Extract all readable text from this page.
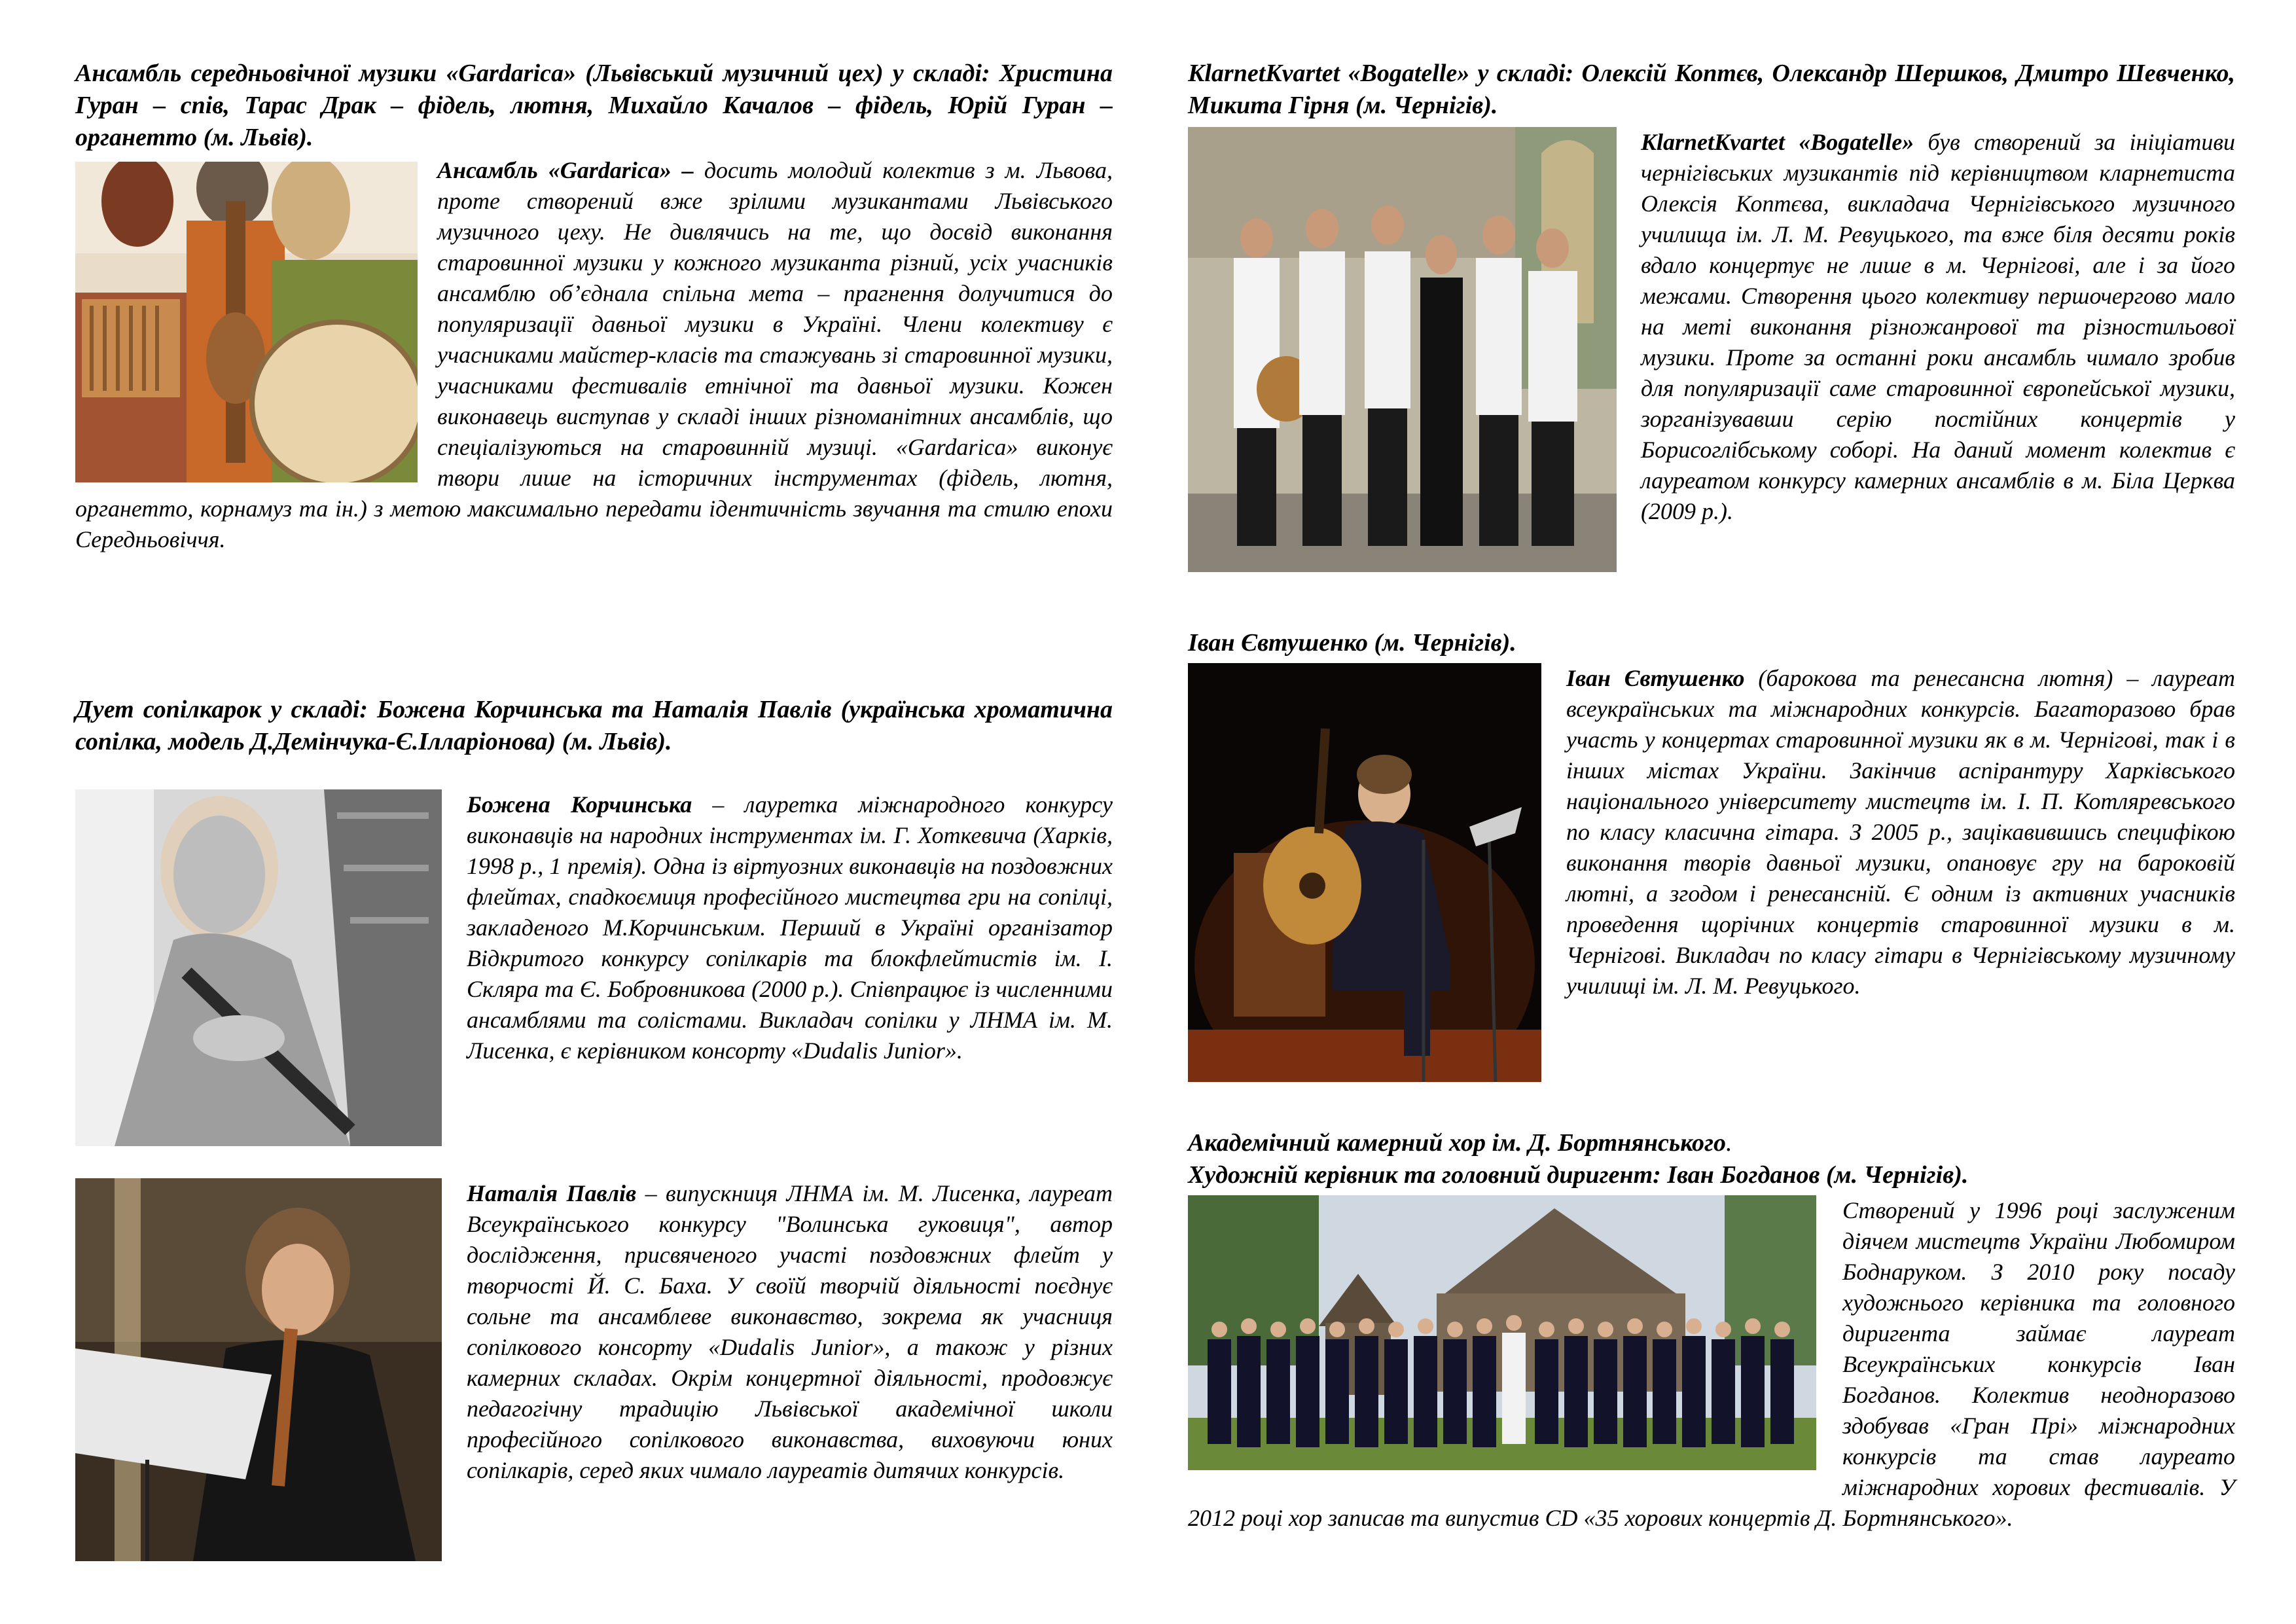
Ансамбль середньовічної музики «Gardarica» (Львівський музичний цех) у складі: Христина Гуран – спів, Тарас Драк – фідель, лютня, Михайло Качалов – фідель, Юрій Гуран – органетто (м. Львів).

Ансамбль «Gardarica» – досить молодий колектив з м. Львова, проте створений вже зрілими музикантами Львівського музичного цеху. Не дивлячись на те, що досвід виконання старовинної музики у кожного музиканта різний, усіх учасників ансамблю об’єднала спільна мета – прагнення долучитися до популяризації давньої музики в Україні. Члени колективу є учасниками майстер-класів та стажувань зі старовинної музики, учасниками фестивалів етнічної та давньої музики. Кожен виконавець виступав у складі інших різноманітних ансамблів, що спеціалізуються на старовинній музиці. «Gardarica» виконує твори лише на історичних інструментах (фідель, лютня, органетто, корнамуз та ін.) з метою максимально передати ідентичність звучання та стилю епохи Середньовіччя.

Дует сопілкарок у складі: Божена Корчинська та Наталія Павлів (українська хроматична сопілка, модель Д.Демінчука-Є.Ілларіонова) (м. Львів).

Божена Корчинська – лауретка міжнародного конкурсу виконавців на народних інструментах ім. Г. Хоткевича (Харків, 1998 р., 1 премія). Одна із віртуозних виконавців на поздовжних флейтах, спадкоємиця професійного мистецтва гри на сопілці, закладеного М.Корчинським. Перший в Україні організатор Відкритого конкурсу сопілкарів та блокфлейтистів ім. І. Скляра та Є. Бобровникова (2000 р.). Співпрацює із численними ансамблями та солістами. Викладач сопілки у ЛНМА ім. М. Лисенка, є керівником консорту «Dudalis Junior».

Наталія Павлів – випускниця ЛНМА ім. М. Лисенка, лауреат Всеукраїнського конкурсу "Волинська гуковиця", автор дослідження, присвяченого участі поздовжних флейт у творчості Й. С. Баха. У своїй творчій діяльності поєднує сольне та ансамблеве виконавство, зокрема як учасниця сопілкового консорту «Dudalis Junior», а також у різних камерних складах. Окрім концертної діяльності, продовжує педагогічну традицію Львівської академічної школи професійного сопілкового виконавства, виховуючи юних сопілкарів, серед яких чимало лауреатів дитячих конкурсів.

KlarnetKvartet «Bogatelle» у складі: Олексій Коптєв, Олександр Шершков, Дмитро Шевченко, Микита Гірня (м. Чернігів).

KlarnetKvartet «Bogatelle» був створений за ініціативи чернігівських музикантів під керівництвом кларнетиста Олексія Коптєва, викладача Чернігівського музичного училища ім. Л. М. Ревуцького, та вже біля десяти років вдало концертує не лише в м. Чернігові, але і за його межами. Створення цього колективу першочергово мало на меті виконання різножанрової та різностильової музики. Проте за останні роки ансамбль чимало зробив для популяризації саме старовинної європейської музики, зорганізувавши серію постійних концертів у Борисоглібському соборі. На даний момент колектив є лауреатом конкурсу камерних ансамблів в м. Біла Церква (2009 р.).

Іван Євтушенко (м. Чернігів).

Іван Євтушенко (барокова та ренесансна лютня) – лауреат всеукраїнських та міжнародних конкурсів. Багаторазово брав участь у концертах старовинної музики як в м. Чернігові, так і в інших містах України. Закінчив аспірантуру Харківського національного університету мистецтв ім. І. П. Котляревського по класу класична гітара. З 2005 р., зацікавившись специфікою виконання творів давньої музики, опановує гру на бароковій лютні, а згодом і ренесансній. Є одним із активних учасників проведення щорічних концертів старовинної музики в м. Чернігові. Викладач по класу гітари в Чернігівському музичному училищі ім. Л. М. Ревуцького.

Академічний камерний хор ім. Д. Бортнянського.
Художній керівник та головний диригент: Іван Богданов (м. Чернігів).

Створений у 1996 році заслуженим діячем мистецтв України Любомиром Боднаруком. З 2010 року посаду художнього керівника та головного диригента займає лауреат Всеукраїнських конкурсів Іван Богданов. Колектив неодноразово здобував «Гран Прі» міжнародних конкурсів та став лауреато міжнародних хорових фестивалів. У 2012 році хор записав та випустив CD «35 хорових концертів Д. Бортнянського».
